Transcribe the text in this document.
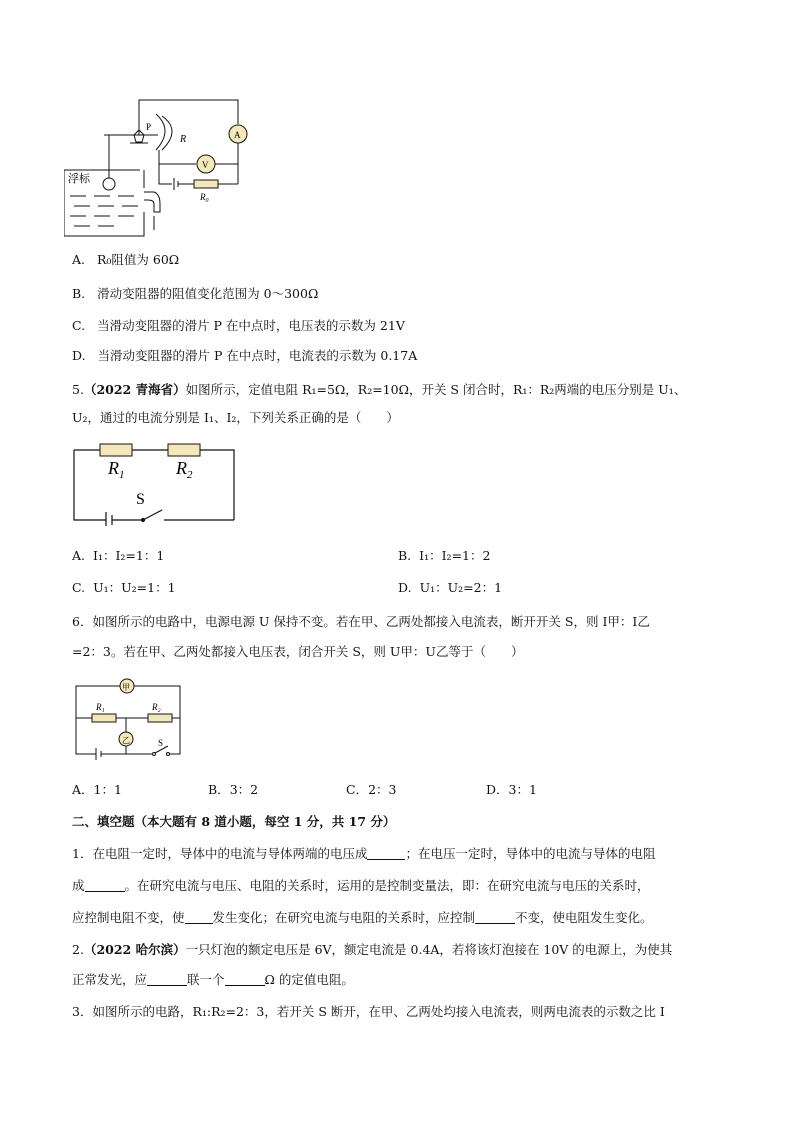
浮标
P
R	A
V
$R_0$
A. R₀阻值为 60Ω
B. 滑动变阻器的阻值变化范围为 0～300Ω
C. 当滑动变阻器的滑片 P 在中点时，电压表的示数为 21V
D. 当滑动变阻器的滑片 P 在中点时，电流表的示数为 0.17A
5.（2022 青海省）如图所示，定值电阻 R₁=5Ω，R₂=10Ω，开关 S 闭合时，R₁：R₂两端的电压分别是 U₁、
U₂，通过的电流分别是 I₁、I₂，下列关系正确的是（　　）
$R_1$	$R_2$
S
A. I₁：I₂=1：1	B. I₁：I₂=1：2
C. U₁：U₂=1：1	D. U₁：U₂=2：1
6．如图所示的电路中，电源电源 U 保持不变。若在甲、乙两处都接入电流表，断开开关 S，则 I甲：I乙
=2：3。若在甲、乙两处都接入电压表，闭合开关 S，则 U甲：U乙等于（　　）
甲
乙
R₁	R₂
S
A．1：1	B．3：2	C．2：3	D．3：1
二、填空题（本大题有 8 道小题，每空 1 分，共 17 分）
1．在电阻一定时，导体中的电流与导体两端的电压成	；在电压一定时，导体中的电流与导体的电阻
成	。在研究电流与电压、电阻的关系时，运用的是控制变量法，即：在研究电流与电压的关系时，
应控制电阻不变，使 发生变化；在研究电流与电阻的关系时，应控制	不变，使电阻发生变化。
2.（2022 哈尔滨）一只灯泡的额定电压是 6V，额定电流是 0.4A，若将该灯泡接在 10V 的电源上，为使其
正常发光，应	联一个	Ω 的定值电阻。
3．如图所示的电路，R₁:R₂=2：3，若开关 S 断开，在甲、乙两处均接入电流表，则两电流表的示数之比 I
